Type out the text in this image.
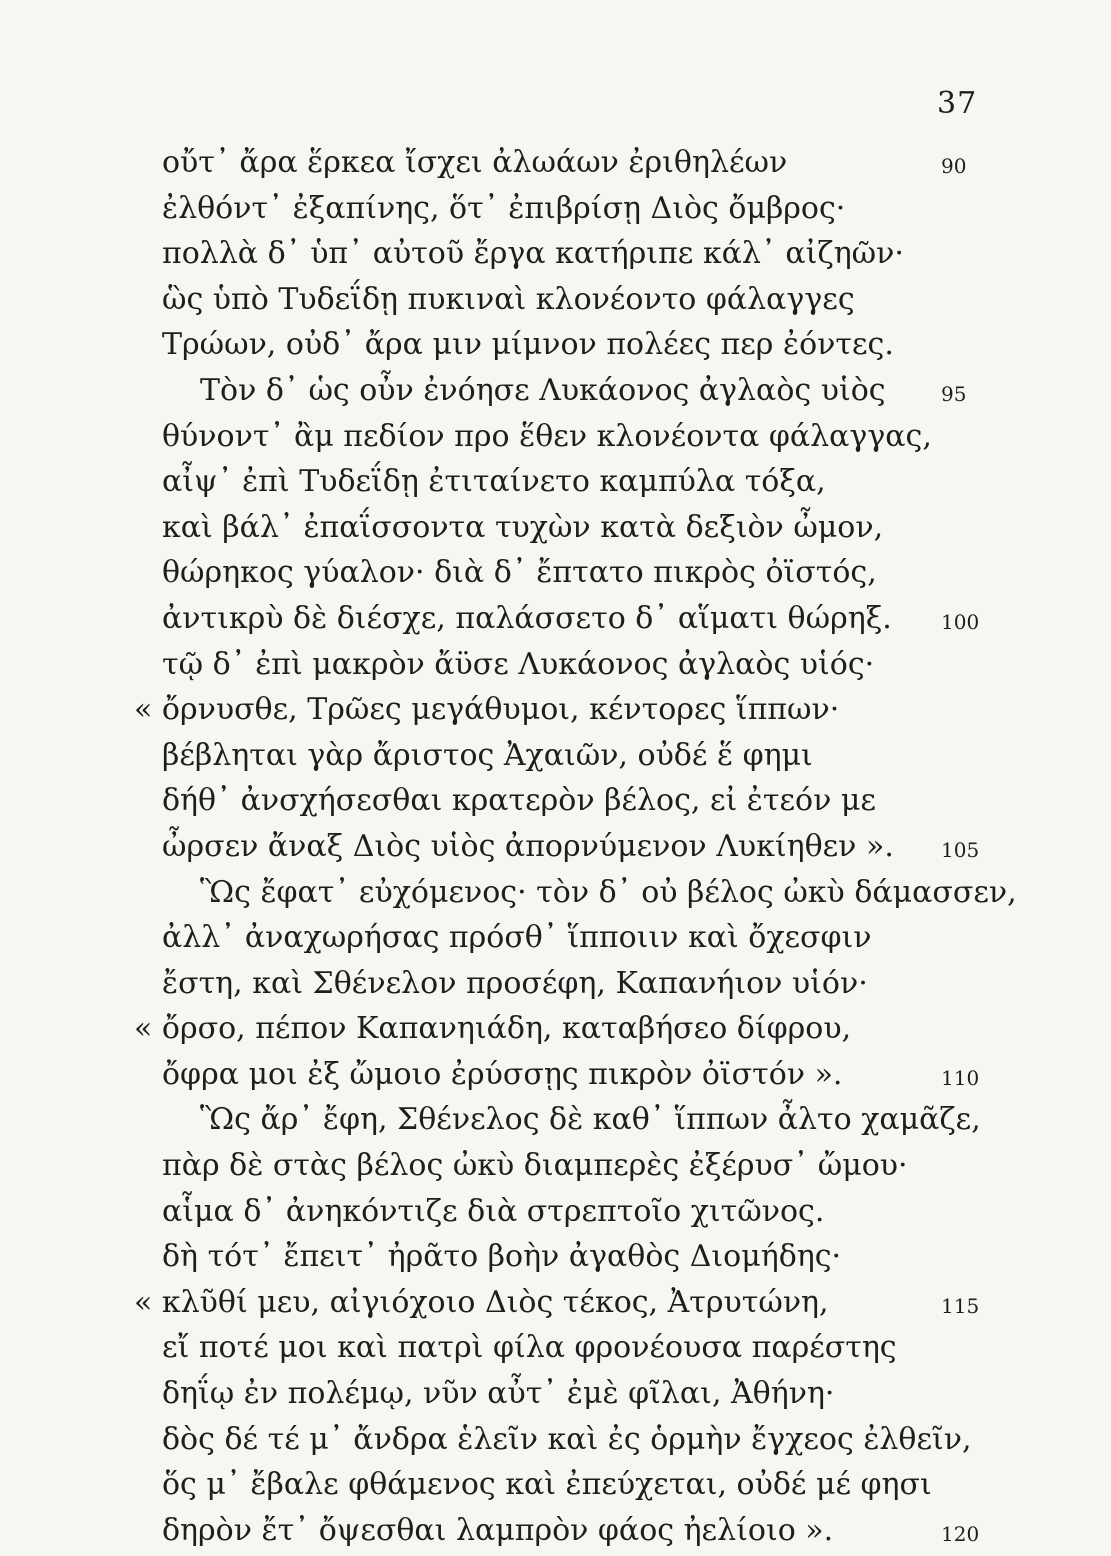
37
οὔτ᾽ ἄρα ἕρκεα ἴσχει ἀλωάων ἐριθηλέων	90
ἐλθόντ᾽ ἐξαπίνης, ὅτ᾽ ἐπιβρίσῃ Διὸς ὄμβρος·
πολλὰ δ᾽ ὑπ᾽ αὐτοῦ ἔργα κατήριπε κάλ᾽ αἰζηῶν·
ὣς ὑπὸ Τυδεΐδῃ πυκιναὶ κλονέοντο φάλαγγες
Τρώων, οὐδ᾽ ἄρα μιν μίμνον πολέες περ ἐόντες.
Τὸν δ᾽ ὡς οὖν ἐνόησε Λυκάονος ἀγλαὸς υἱὸς	95
θύνοντ᾽ ἂμ πεδίον προ ἕθεν κλονέοντα φάλαγγας,
αἶψ᾽ ἐπὶ Τυδεΐδῃ ἐτιταίνετο καμπύλα τόξα,
καὶ βάλ᾽ ἐπαΐσσοντα τυχὼν κατὰ δεξιὸν ὦμον,
θώρηκος γύαλον· διὰ δ᾽ ἔπτατο πικρὸς ὀϊστός,
ἀντικρὺ δὲ διέσχε, παλάσσετο δ᾽ αἵματι θώρηξ. 100
τῷ δ᾽ ἐπὶ μακρὸν ἄϋσε Λυκάονος ἀγλαὸς υἱός·
« ὄρνυσθε, Τρῶες μεγάθυμοι, κέντορες ἵππων·
βέβληται γὰρ ἄριστος Ἀχαιῶν, οὐδέ ἕ φημι
δήθ᾽ ἀνσχήσεσθαι κρατερὸν βέλος, εἰ ἐτεόν με
ὦρσεν ἄναξ Διὸς υἱὸς ἀπορνύμενον Λυκίηθεν ». 105
Ὣς ἔφατ᾽ εὐχόμενος· τὸν δ᾽ οὐ βέλος ὠκὺ δάμασσεν,
ἀλλ᾽ ἀναχωρήσας πρόσθ᾽ ἵπποιιν καὶ ὄχεσφιν
ἔστη, καὶ Σθένελον προσέφη, Καπανήιον υἱόν·
« ὄρσο, πέπον Καπανηιάδη, καταβήσεο δίφρου,
ὄφρα μοι ἐξ ὤμοιο ἐρύσσῃς πικρὸν ὀϊστόν ».	110
Ὣς ἄρ᾽ ἔφη, Σθένελος δὲ καθ᾽ ἵππων ἆλτο χαμᾶζε,
πὰρ δὲ στὰς βέλος ὠκὺ διαμπερὲς ἐξέρυσ᾽ ὤμου·
αἷμα δ᾽ ἀνηκόντιζε διὰ στρεπτοῖο χιτῶνος.
δὴ τότ᾽ ἔπειτ᾽ ἠρᾶτο βοὴν ἀγαθὸς Διομήδης·
« κλῦθί μευ, αἰγιόχοιο Διὸς τέκος, Ἀτρυτώνη,	115
εἴ ποτέ μοι καὶ πατρὶ φίλα φρονέουσα παρέστης
δηΐῳ ἐν πολέμῳ, νῦν αὖτ᾽ ἐμὲ φῖλαι, Ἀθήνη·
δὸς δέ τέ μ᾽ ἄνδρα ἑλεῖν καὶ ἐς ὁρμὴν ἔγχεος ἐλθεῖν,
ὅς μ᾽ ἔβαλε φθάμενος καὶ ἐπεύχεται, οὐδέ μέ φησι
δηρὸν ἔτ᾽ ὄψεσθαι λαμπρὸν φάος ἠελίοιο ».	120
